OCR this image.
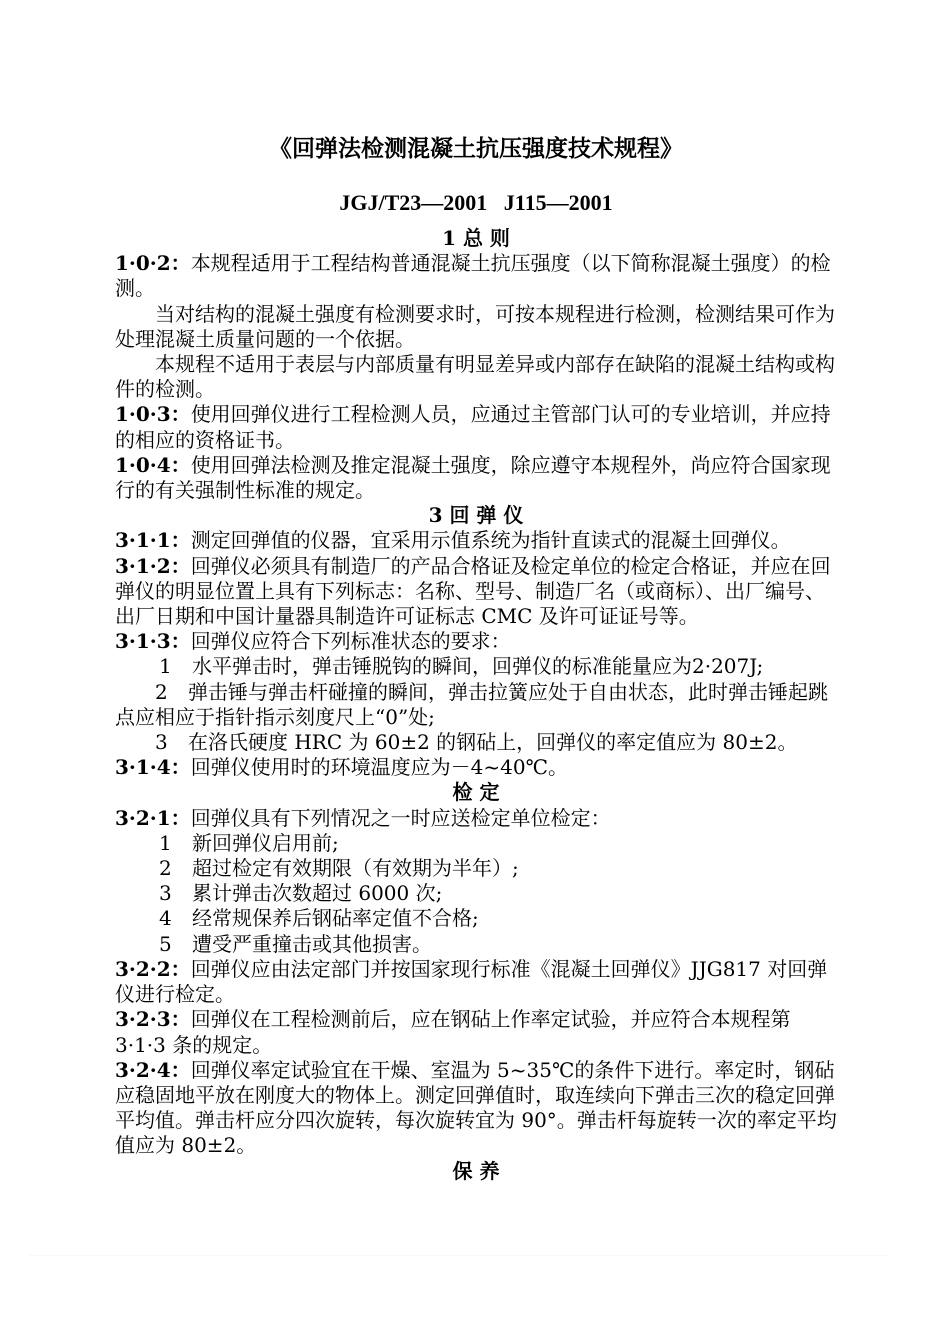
《回弹法检测混凝土抗压强度技术规程》

JGJ/T23—2001   J115—2001

1 总 则

1·0·2：本规程适用于工程结构普通混凝土抗压强度（以下简称混凝土强度）的检测。

当对结构的混凝土强度有检测要求时，可按本规程进行检测，检测结果可作为处理混凝土质量问题的一个依据。

本规程不适用于表层与内部质量有明显差异或内部存在缺陷的混凝土结构或构件的检测。

1·0·3：使用回弹仪进行工程检测人员，应通过主管部门认可的专业培训，并应持的相应的资格证书。

1·0·4：使用回弹法检测及推定混凝土强度，除应遵守本规程外，尚应符合国家现行的有关强制性标准的规定。

3 回 弹 仪

3·1·1：测定回弹值的仪器，宜采用示值系统为指针直读式的混凝土回弹仪。

3·1·2：回弹仪必须具有制造厂的产品合格证及检定单位的检定合格证，并应在回弹仪的明显位置上具有下列标志：名称、型号、制造厂名（或商标）、出厂编号、出厂日期和中国计量器具制造许可证标志 CMC 及许可证证号等。

3·1·3：回弹仪应符合下列标准状态的要求：

1 水平弹击时，弹击锤脱钩的瞬间，回弹仪的标准能量应为2·207J;

2 弹击锤与弹击杆碰撞的瞬间，弹击拉簧应处于自由状态，此时弹击锤起跳点应相应于指针指示刻度尺上“0”处;

3 在洛氏硬度 HRC 为 60±2 的钢砧上，回弹仪的率定值应为 80±2。

3·1·4：回弹仪使用时的环境温度应为－4~40℃。

检 定

3·2·1：回弹仪具有下列情况之一时应送检定单位检定：

1 新回弹仪启用前;

2 超过检定有效期限（有效期为半年）;

3 累计弹击次数超过 6000 次;

4 经常规保养后钢砧率定值不合格;

5 遭受严重撞击或其他损害。

3·2·2：回弹仪应由法定部门并按国家现行标准《混凝土回弹仪》JJG817 对回弹仪进行检定。

3·2·3：回弹仪在工程检测前后，应在钢砧上作率定试验，并应符合本规程第 3·1·3 条的规定。

3·2·4：回弹仪率定试验宜在干燥、室温为 5~35℃的条件下进行。率定时，钢砧应稳固地平放在刚度大的物体上。测定回弹值时，取连续向下弹击三次的稳定回弹平均值。弹击杆应分四次旋转，每次旋转宜为 90°。弹击杆每旋转一次的率定平均值应为 80±2。

保 养
